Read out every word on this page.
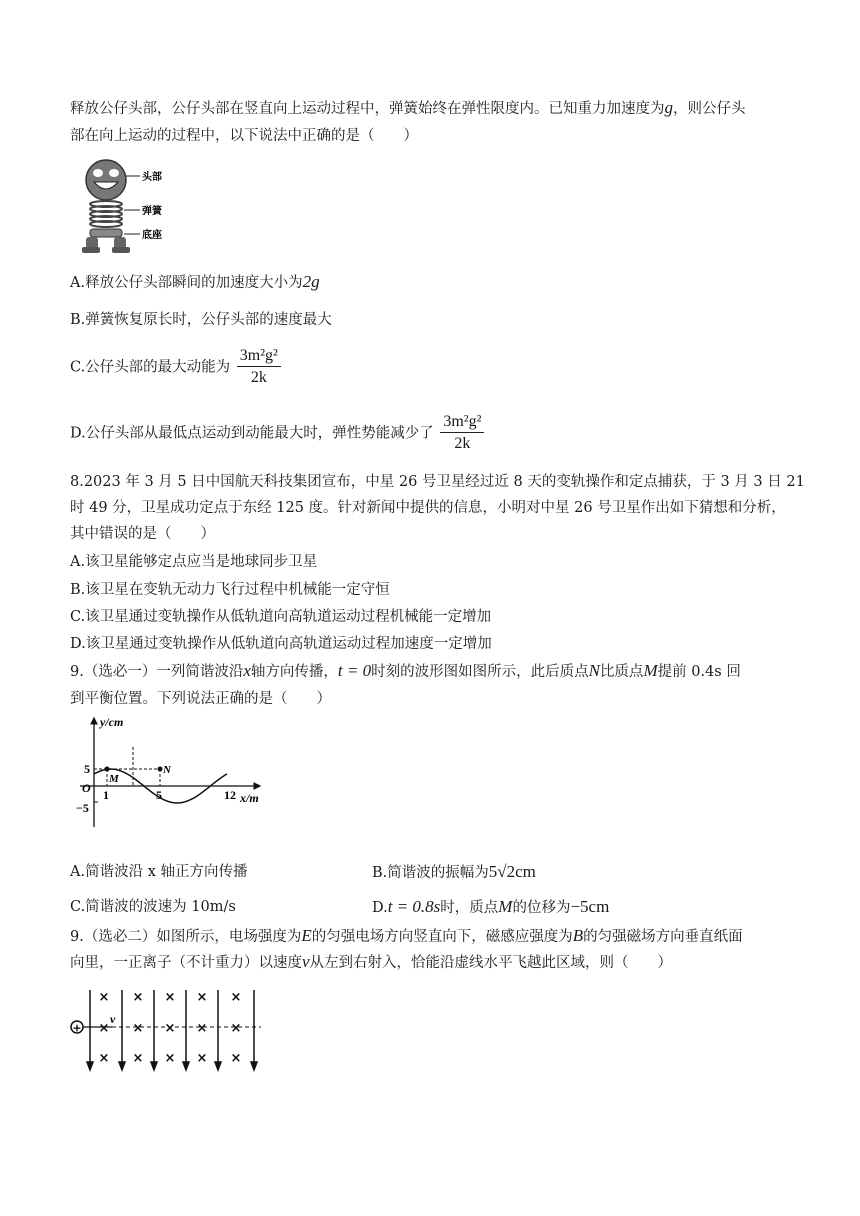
释放公仔头部，公仔头部在竖直向上运动过程中，弹簧始终在弹性限度内。已知重力加速度为g，则公仔头
部在向上运动的过程中，以下说法中正确的是（　　）
头部
弹簧
底座
A.释放公仔头部瞬间的加速度大小为2g
B.弹簧恢复原长时，公仔头部的速度最大
C.公仔头部的最大动能为 $\frac{\text{3m²g²}}{2k}$
D.公仔头部从最低点运动到动能最大时，弹性势能减少了 $\frac{\text{3m²g²}}{2k}$
8.2023 年 3 月 5 日中国航天科技集团宣布，中星 26 号卫星经过近 8 天的变轨操作和定点捕获，于 3 月 3 日 21
时 49 分，卫星成功定点于东经 125 度。针对新闻中提供的信息，小明对中星 26 号卫星作出如下猜想和分析，
其中错误的是（　　）
A.该卫星能够定点应当是地球同步卫星
B.该卫星在变轨无动力飞行过程中机械能一定守恒
C.该卫星通过变轨操作从低轨道向高轨道运动过程机械能一定增加
D.该卫星通过变轨操作从低轨道向高轨道运动过程加速度一定增加
9.（选必一）一列简谐波沿x轴方向传播，t = 0时刻的波形图如图所示，此后质点N比质点M提前 0.4s 回
到平衡位置。下列说法正确的是（　　）
y/cm
x/m
O
5
−5
1	5	12
M
N
A.简谐波沿 x 轴正方向传播	B.简谐波的振幅为5√2cm
C.简谐波的波速为 10m/s	D.t = 0.8s时，质点M的位移为−5cm
9.（选必二）如图所示，电场强度为E的匀强电场方向竖直向下，磁感应强度为B的匀强磁场方向垂直纸面
向里，一正离子（不计重力）以速度v从左到右射入，恰能沿虚线水平飞越此区域，则（　　）
× × × × ×
× × × × ×
× × × × ×
+
v
